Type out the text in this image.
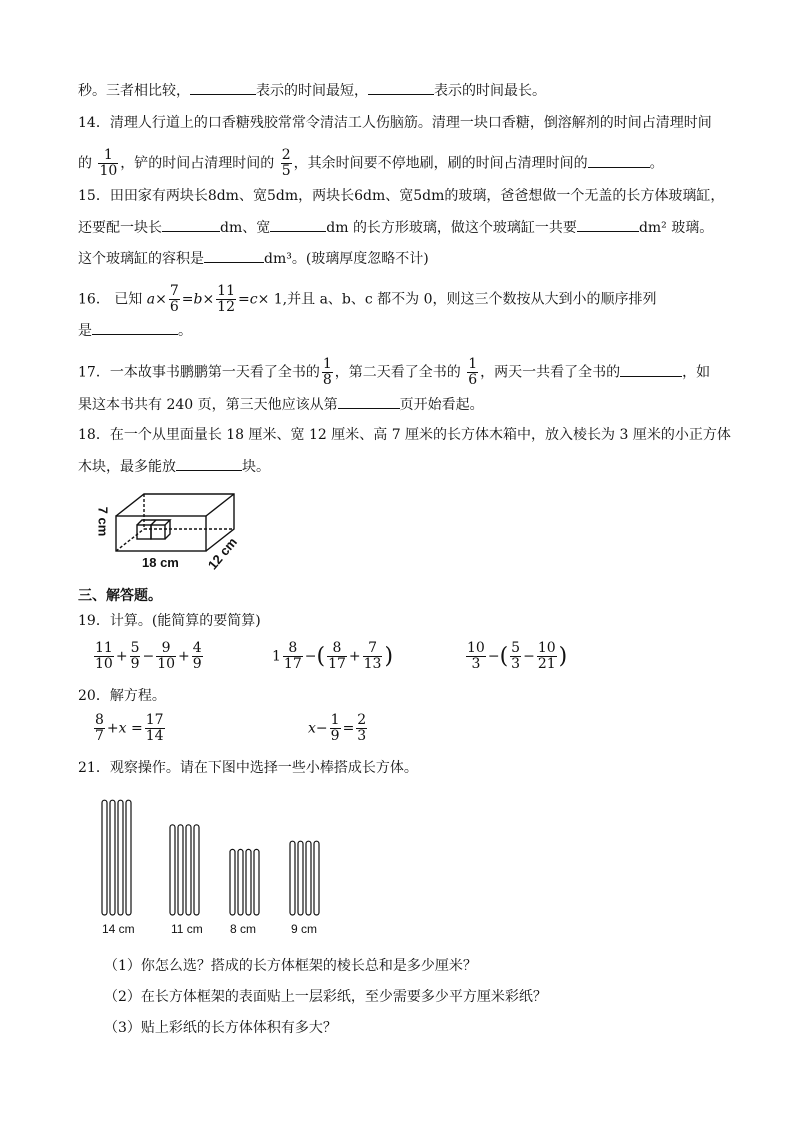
秒。三者相比较，	表示的时间最短，	表示的时间最长。
14．清理人行道上的口香糖残胶常常令清洁工人伤脑筋。清理一块口香糖，倒溶解剂的时间占清理时间
的 $\frac{1}{10}$ ，铲的时间占清理时间的 $\frac{2}{5}$ ，其余时间要不停地刷，刷的时间占清理时间的	。
15．田田家有两块长8dm、宽5dm，两块长6dm、宽5dm的玻璃，爸爸想做一个无盖的长方体玻璃缸，
还要配一块长	dm、宽	dm 的长方形玻璃，做这个玻璃缸一共要	dm² 玻璃。
这个玻璃缸的容积是	dm³。(玻璃厚度忽略不计)
16． 已知 $a\times \frac{7}{6} =b\times \frac{11}{12} =c\times 1$,并且 a、b、c 都不为 0，则这三个数按从大到小的顺序排列
是	。
17．一本故事书鹏鹏第一天看了全书的 $\frac{1}{8}$ ，第二天看了全书的 $\frac{1}{6}$ ，两天一共看了全书的	，如
果这本书共有 240 页，第三天他应该从第	页开始看起。
18．在一个从里面量长 18 厘米、宽 12 厘米、高 7 厘米的长方体木箱中，放入棱长为 3 厘米的小正方体
木块，最多能放	块。
7 cm
18 cm 12 cm
三、解答题。
19．计算。(能简算的要简算)
$\frac{11}{10} + \frac{5}{9} - \frac{9}{10} + \frac{4}{9}$	$1 \frac{8}{17}$ −( $\frac{8}{17} + \frac{7}{13}$ )	$\frac{10}{3}$ −( $\frac{5}{3} - \frac{10}{21}$ )
20．解方程。
$\frac{8}{7} +x = \frac{17}{14}$	$x- \frac{1}{9} = \frac{2}{3}$
21．观察操作。请在下图中选择一些小棒搭成长方体。
14 cm	11 cm 8 cm	9 cm
（1）你怎么选？搭成的长方体框架的棱长总和是多少厘米？
（2）在长方体框架的表面贴上一层彩纸，至少需要多少平方厘米彩纸？
（3）贴上彩纸的长方体体积有多大？
